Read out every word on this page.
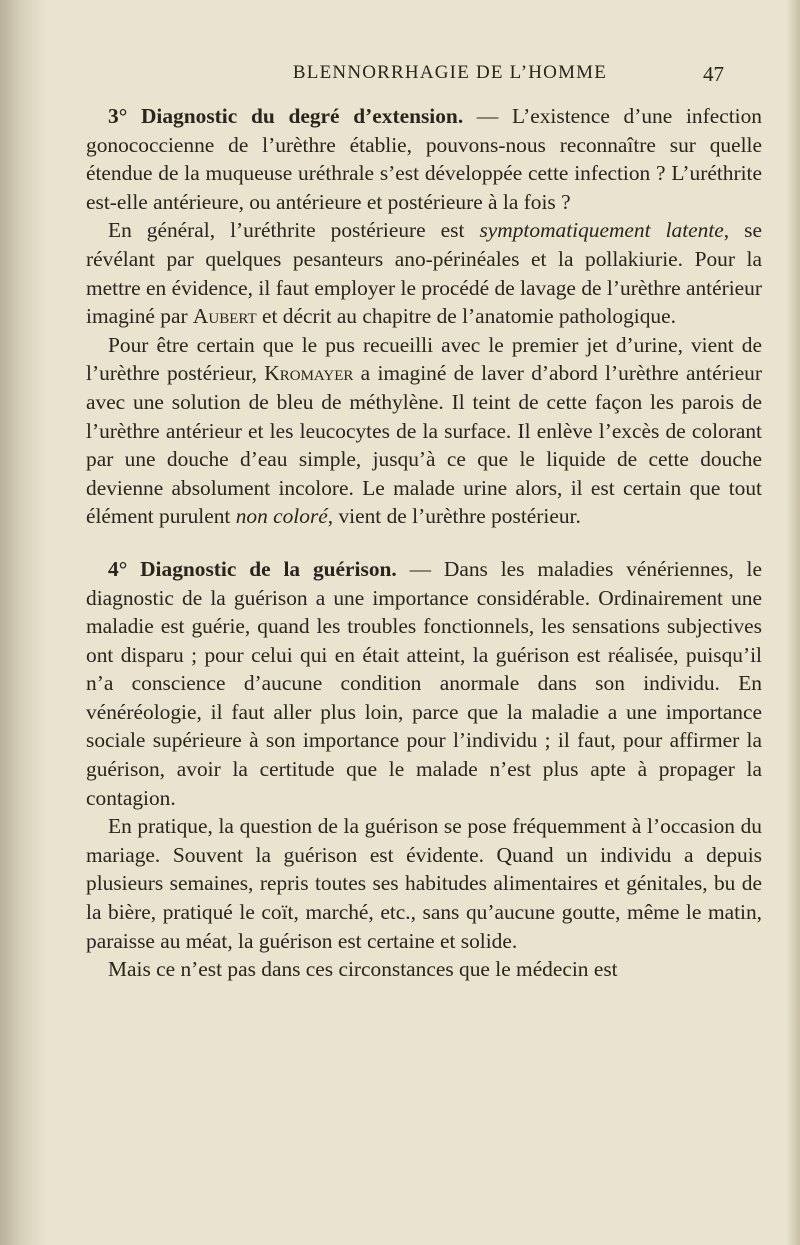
BLENNORRHAGIE DE L’HOMME	47

3° Diagnostic du degré d’extension. — L’existence d’une infection gonococcienne de l’urèthre établie, pouvons-nous reconnaître sur quelle étendue de la muqueuse uréthrale s’est développée cette infection ? L’uréthrite est-elle antérieure, ou antérieure et postérieure à la fois ?

En général, l’uréthrite postérieure est symptomatiquement latente, se révélant par quelques pesanteurs ano-périnéales et la pollakiurie. Pour la mettre en évidence, il faut employer le procédé de lavage de l’urèthre antérieur imaginé par Aubert et décrit au chapitre de l’anatomie pathologique.

Pour être certain que le pus recueilli avec le premier jet d’urine, vient de l’urèthre postérieur, Kromayer a imaginé de laver d’abord l’urèthre antérieur avec une solution de bleu de méthylène. Il teint de cette façon les parois de l’urèthre antérieur et les leucocytes de la surface. Il enlève l’excès de colorant par une douche d’eau simple, jusqu’à ce que le liquide de cette douche devienne absolument incolore. Le malade urine alors, il est certain que tout élément purulent non coloré, vient de l’urèthre postérieur.

4° Diagnostic de la guérison. — Dans les maladies vénériennes, le diagnostic de la guérison a une importance considérable. Ordinairement une maladie est guérie, quand les troubles fonctionnels, les sensations subjectives ont disparu ; pour celui qui en était atteint, la guérison est réalisée, puisqu’il n’a conscience d’aucune condition anormale dans son individu. En vénéréologie, il faut aller plus loin, parce que la maladie a une importance sociale supérieure à son importance pour l’individu ; il faut, pour affirmer la guérison, avoir la certitude que le malade n’est plus apte à propager la contagion.

En pratique, la question de la guérison se pose fréquemment à l’occasion du mariage. Souvent la guérison est évidente. Quand un individu a depuis plusieurs semaines, repris toutes ses habitudes alimentaires et génitales, bu de la bière, pratiqué le coït, marché, etc., sans qu’aucune goutte, même le matin, paraisse au méat, la guérison est certaine et solide.

Mais ce n’est pas dans ces circonstances que le médecin est
